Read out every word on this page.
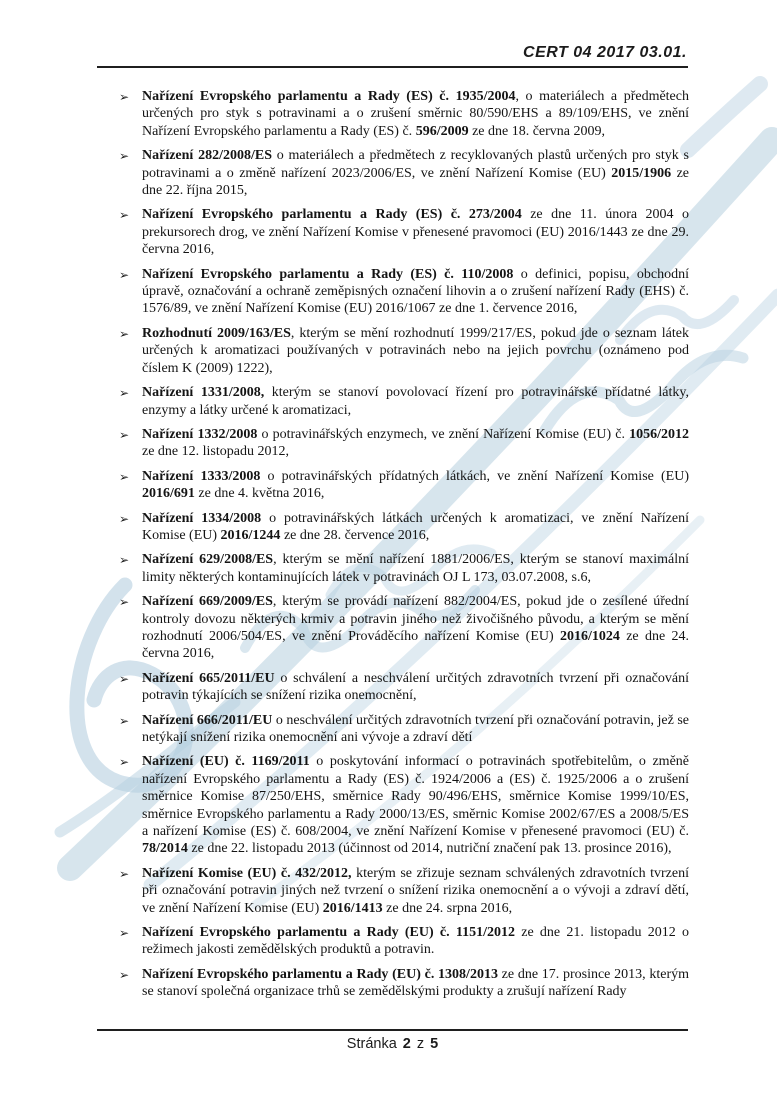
CERT 04 2017 03.01.
➢ Nařízení Evropského parlamentu a Rady (ES) č. 1935/2004, o materiálech a předmětech určených pro styk s potravinami a o zrušení směrnic 80/590/EHS a 89/109/EHS, ve znění Nařízení Evropského parlamentu a Rady (ES) č. 596/2009 ze dne 18. června 2009,
➢ Nařízení 282/2008/ES o materiálech a předmětech z recyklovaných plastů určených pro styk s potravinami a o změně nařízení 2023/2006/ES, ve znění Nařízení Komise (EU) 2015/1906 ze dne 22. října 2015,
➢ Nařízení Evropského parlamentu a Rady (ES) č. 273/2004 ze dne 11. února 2004 o prekursorech drog, ve znění Nařízení Komise v přenesené pravomoci (EU) 2016/1443 ze dne 29. června 2016,
➢ Nařízení Evropského parlamentu a Rady (ES) č. 110/2008 o definici, popisu, obchodní úpravě, označování a ochraně zeměpisných označení lihovin a o zrušení nařízení Rady (EHS) č. 1576/89, ve znění Nařízení Komise (EU) 2016/1067 ze dne 1. července 2016,
➢ Rozhodnutí 2009/163/ES, kterým se mění rozhodnutí 1999/217/ES, pokud jde o seznam látek určených k aromatizaci používaných v potravinách nebo na jejich povrchu (oznámeno pod číslem K (2009) 1222),
➢ Nařízení 1331/2008, kterým se stanoví povolovací řízení pro potravinářské přídatné látky, enzymy a látky určené k aromatizaci,
➢ Nařízení 1332/2008 o potravinářských enzymech, ve znění Nařízení Komise (EU) č. 1056/2012 ze dne 12. listopadu 2012,
➢ Nařízení 1333/2008 o potravinářských přídatných látkách, ve znění Nařízení Komise (EU) 2016/691 ze dne 4. května 2016,
➢ Nařízení 1334/2008 o potravinářských látkách určených k aromatizaci, ve znění Nařízení Komise (EU) 2016/1244 ze dne 28. července 2016,
➢ Nařízení 629/2008/ES, kterým se mění nařízení 1881/2006/ES, kterým se stanoví maximální limity některých kontaminujících látek v potravinách OJ L 173, 03.07.2008, s.6,
➢ Nařízení 669/2009/ES, kterým se provádí nařízení 882/2004/ES, pokud jde o zesílené úřední kontroly dovozu některých krmiv a potravin jiného než živočišného původu, a kterým se mění rozhodnutí 2006/504/ES, ve znění Prováděcího nařízení Komise (EU) 2016/1024 ze dne 24. června 2016,
➢ Nařízení 665/2011/EU o schválení a neschválení určitých zdravotních tvrzení při označování potravin týkajících se snížení rizika onemocnění,
➢ Nařízení 666/2011/EU o neschválení určitých zdravotních tvrzení při označování potravin, jež se netýkají snížení rizika onemocnění ani vývoje a zdraví dětí
➢ Nařízení (EU) č. 1169/2011 o poskytování informací o potravinách spotřebitelům, o změně nařízení Evropského parlamentu a Rady (ES) č. 1924/2006 a (ES) č. 1925/2006 a o zrušení směrnice Komise 87/250/EHS, směrnice Rady 90/496/EHS, směrnice Komise 1999/10/ES, směrnice Evropského parlamentu a Rady 2000/13/ES, směrnic Komise 2002/67/ES a 2008/5/ES a nařízení Komise (ES) č. 608/2004, ve znění Nařízení Komise v přenesené pravomoci (EU) č. 78/2014 ze dne 22. listopadu 2013 (účinnost od 2014, nutriční značení pak 13. prosince 2016),
➢ Nařízení Komise (EU) č. 432/2012, kterým se zřizuje seznam schválených zdravotních tvrzení při označování potravin jiných než tvrzení o snížení rizika onemocnění a o vývoji a zdraví dětí, ve znění Nařízení Komise (EU) 2016/1413 ze dne 24. srpna 2016,
➢ Nařízení Evropského parlamentu a Rady (EU) č. 1151/2012 ze dne 21. listopadu 2012 o režimech jakosti zemědělských produktů a potravin.
➢ Nařízení Evropského parlamentu a Rady (EU) č. 1308/2013 ze dne 17. prosince 2013, kterým se stanoví společná organizace trhů se zemědělskými produkty a zrušují nařízení Rady
Stránka 2 z 5
